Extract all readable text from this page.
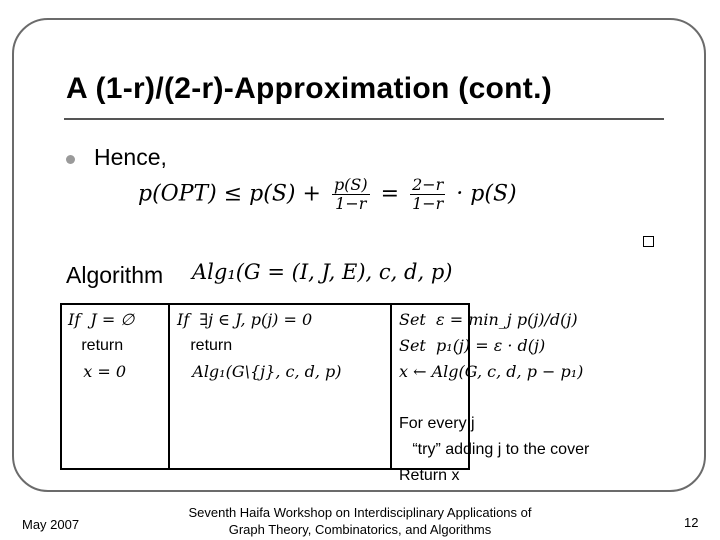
A (1-r)/(2-r)-Approximation (cont.)
Hence,
$p(OPT) \le p(S) + \frac{p(S)}{1-r} = \frac{2-r}{1-r} \cdot p(S)$
Algorithm Alg₁(G = (I, J, E), c, d, p)
If  J = ∅
return
x = 0
If  ∃j ∈ J, p(j) = 0
return
Alg₁(G\{j}, c, d, p)
Set  ε = min_j p(j)/d(j)
Set  p₁(j) = ε · d(j)
x ← Alg(G, c, d, p − p₁)
For every j
“try” adding j to the cover
Return x
May 2007
Seventh Haifa Workshop on Interdisciplinary Applications of
Graph Theory, Combinatorics, and Algorithms	12
